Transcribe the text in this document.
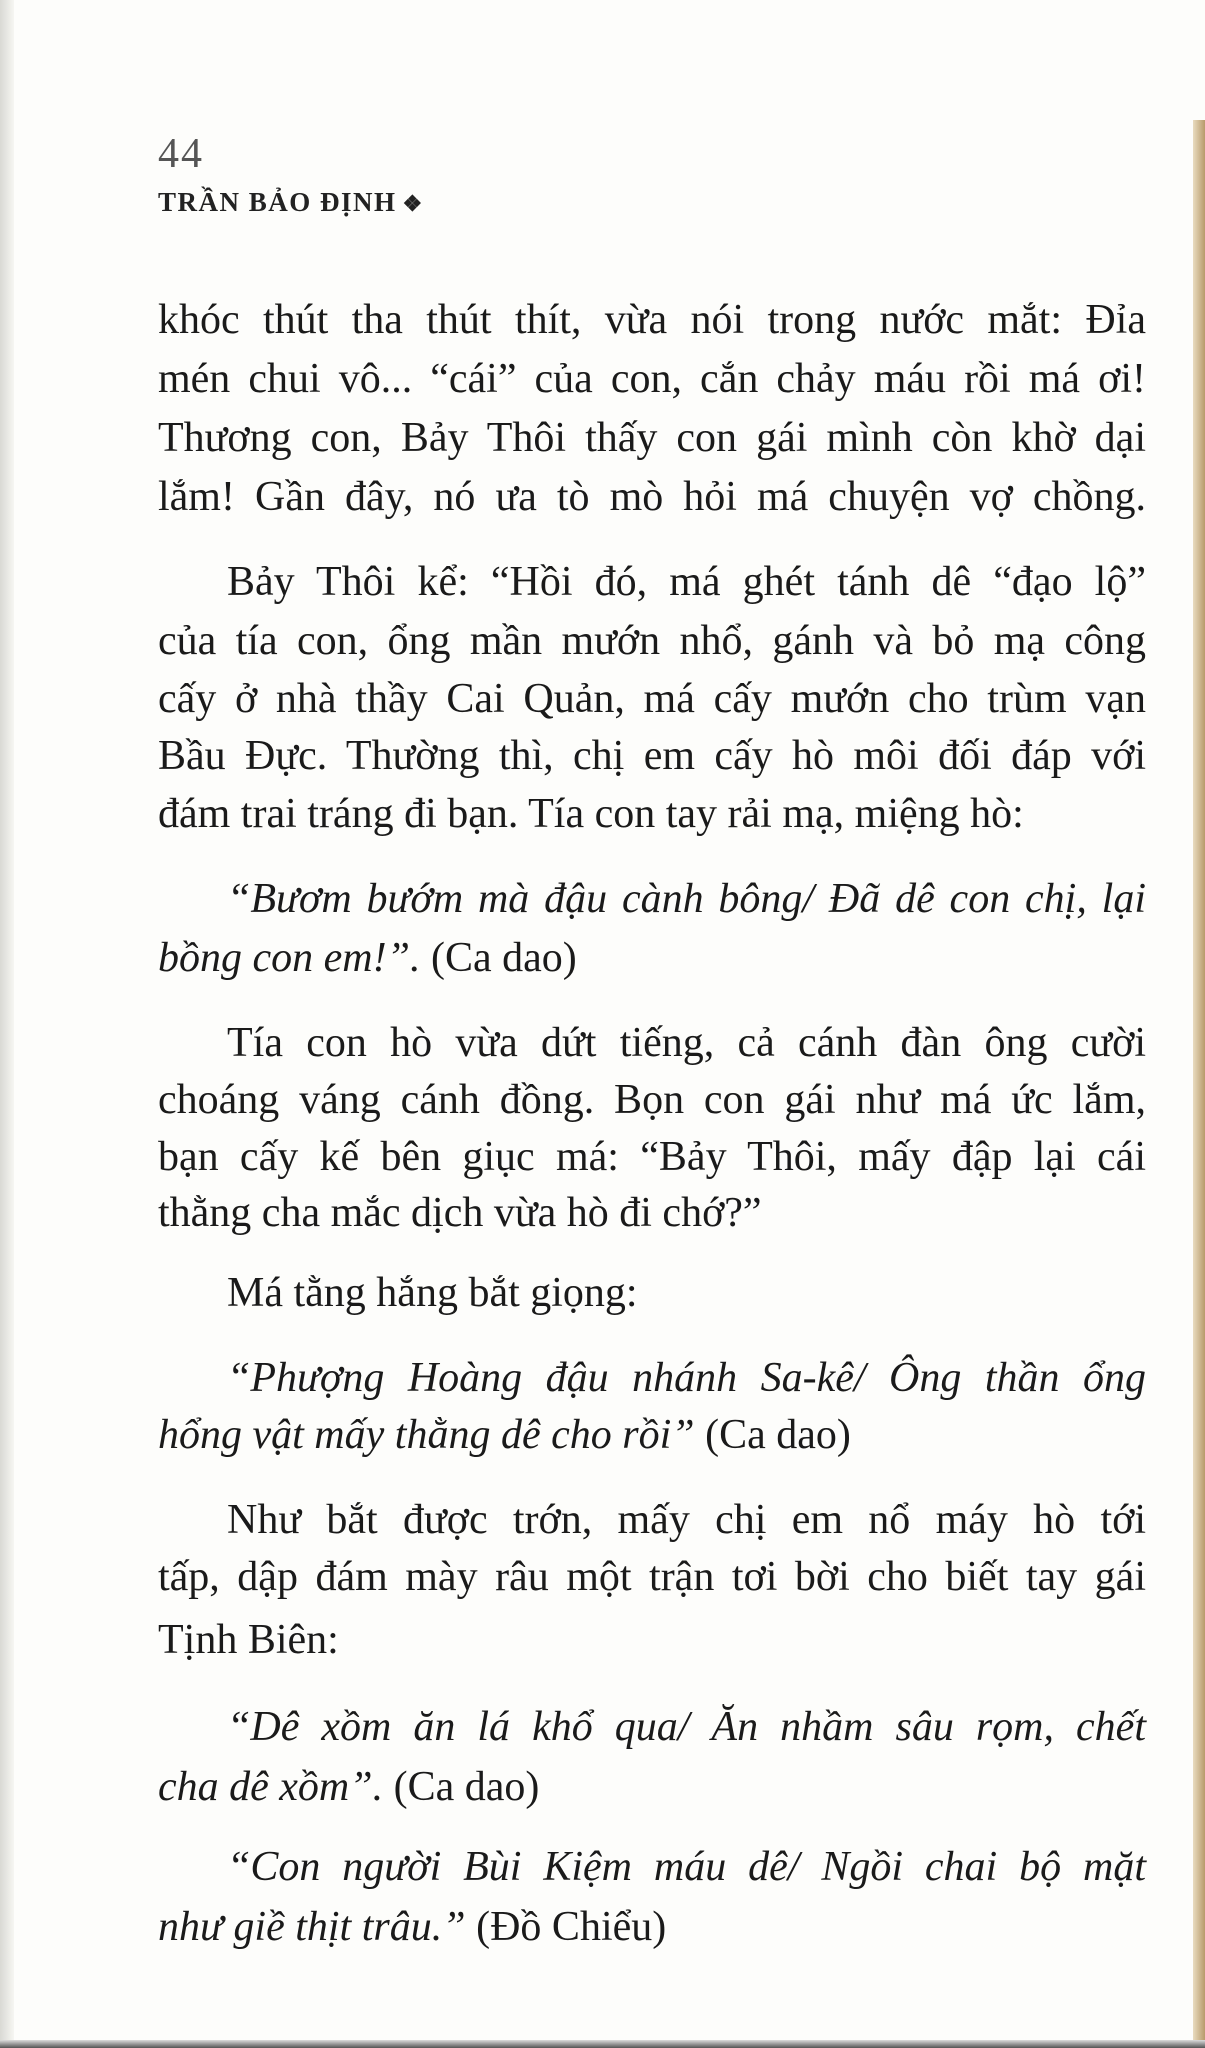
44
TRẦN BẢO ĐỊNH ❖
khóc thút tha thút thít, vừa nói trong nước mắt: Đỉa
mén chui vô... “cái” của con, cắn chảy máu rồi má ơi!
Thương con, Bảy Thôi thấy con gái mình còn khờ dại
lắm! Gần đây, nó ưa tò mò hỏi má chuyện vợ chồng.
Bảy Thôi kể: “Hồi đó, má ghét tánh dê “đạo lộ”
của tía con, ổng mần mướn nhổ, gánh và bỏ mạ công
cấy ở nhà thầy Cai Quản, má cấy mướn cho trùm vạn
Bầu Đực. Thường thì, chị em cấy hò môi đối đáp với
đám trai tráng đi bạn. Tía con tay rải mạ, miệng hò:
“Bươm bướm mà đậu cành bông/ Đã dê con chị, lại
bồng con em!”. (Ca dao)
Tía con hò vừa dứt tiếng, cả cánh đàn ông cười
choáng váng cánh đồng. Bọn con gái như má ức lắm,
bạn cấy kế bên giục má: “Bảy Thôi, mấy đập lại cái
thằng cha mắc dịch vừa hò đi chớ?”
Má tằng hắng bắt giọng:
“Phượng Hoàng đậu nhánh Sa-kê/ Ông thần ổng
hổng vật mấy thằng dê cho rồi” (Ca dao)
Như bắt được trớn, mấy chị em nổ máy hò tới
tấp, dập đám mày râu một trận tơi bời cho biết tay gái
Tịnh Biên:
“Dê xồm ăn lá khổ qua/ Ăn nhầm sâu rọm, chết
cha dê xồm”. (Ca dao)
“Con người Bùi Kiệm máu dê/ Ngồi chai bộ mặt
như giề thịt trâu.” (Đồ Chiểu)
